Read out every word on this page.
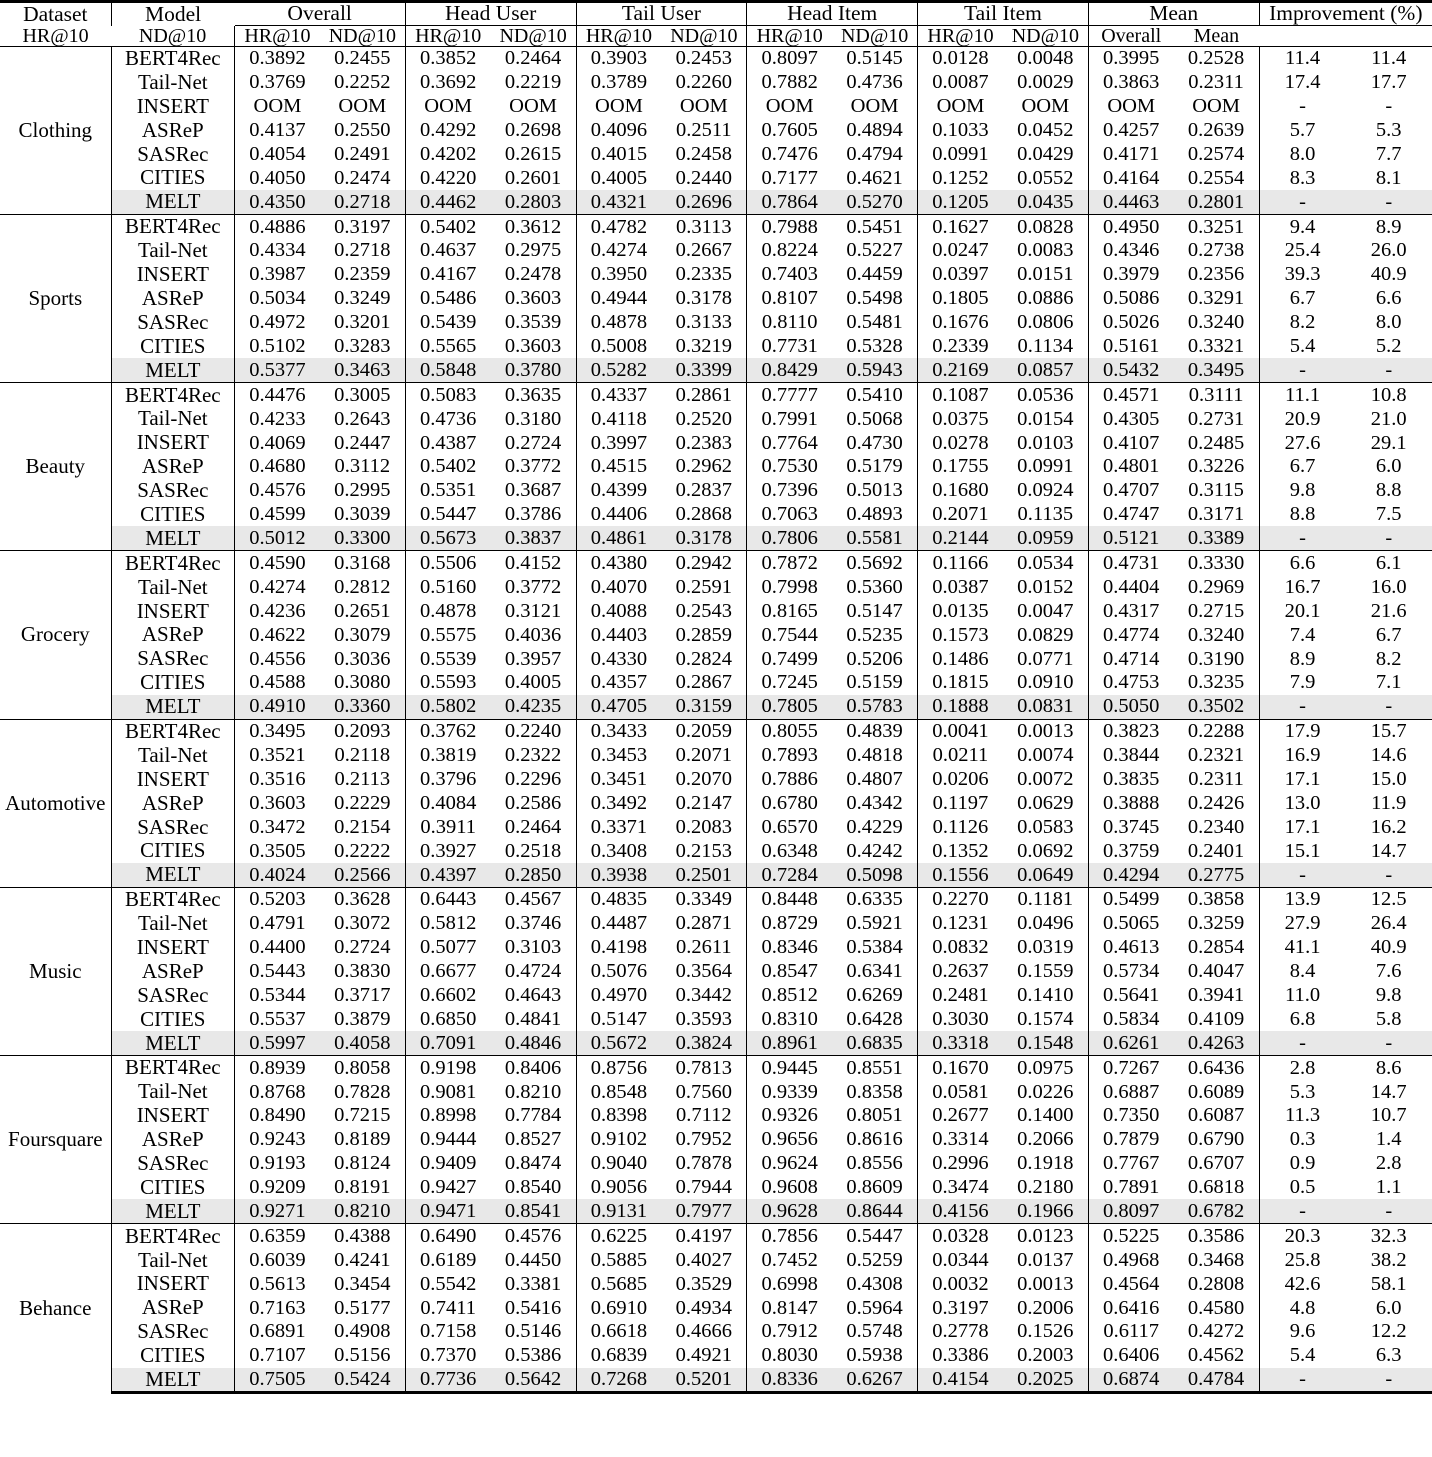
Dataset	Model	Overall		Head User		Tail User		Head Item		Tail Item		Mean		Improvement (%)	

HR@10	ND@10	HR@10	ND@10	HR@10	ND@10	HR@10	ND@10	HR@10	ND@10	HR@10	ND@10	Overall	Mean		
Clothing	BERT4Rec	0.3892	0.2455	0.3852	0.2464	0.3903	0.2453	0.8097	0.5145	0.0128	0.0048	0.3995	0.2528	11.4	11.4
	Tail-Net	0.3769	0.2252	0.3692	0.2219	0.3789	0.2260	0.7882	0.4736	0.0087	0.0029	0.3863	0.2311	17.4	17.7
	INSERT	OOM	OOM	OOM	OOM	OOM	OOM	OOM	OOM	OOM	OOM	OOM	OOM	-	-
	ASReP	0.4137	0.2550	0.4292	0.2698	0.4096	0.2511	0.7605	0.4894	0.1033	0.0452	0.4257	0.2639	5.7	5.3
	SASRec	0.4054	0.2491	0.4202	0.2615	0.4015	0.2458	0.7476	0.4794	0.0991	0.0429	0.4171	0.2574	8.0	7.7
	CITIES	0.4050	0.2474	0.4220	0.2601	0.4005	0.2440	0.7177	0.4621	0.1252	0.0552	0.4164	0.2554	8.3	8.1
	MELT	0.4350	0.2718	0.4462	0.2803	0.4321	0.2696	0.7864	0.5270	0.1205	0.0435	0.4463	0.2801	-	-
Sports	BERT4Rec	0.4886	0.3197	0.5402	0.3612	0.4782	0.3113	0.7988	0.5451	0.1627	0.0828	0.4950	0.3251	9.4	8.9
	Tail-Net	0.4334	0.2718	0.4637	0.2975	0.4274	0.2667	0.8224	0.5227	0.0247	0.0083	0.4346	0.2738	25.4	26.0
	INSERT	0.3987	0.2359	0.4167	0.2478	0.3950	0.2335	0.7403	0.4459	0.0397	0.0151	0.3979	0.2356	39.3	40.9
	ASReP	0.5034	0.3249	0.5486	0.3603	0.4944	0.3178	0.8107	0.5498	0.1805	0.0886	0.5086	0.3291	6.7	6.6
	SASRec	0.4972	0.3201	0.5439	0.3539	0.4878	0.3133	0.8110	0.5481	0.1676	0.0806	0.5026	0.3240	8.2	8.0
	CITIES	0.5102	0.3283	0.5565	0.3603	0.5008	0.3219	0.7731	0.5328	0.2339	0.1134	0.5161	0.3321	5.4	5.2
	MELT	0.5377	0.3463	0.5848	0.3780	0.5282	0.3399	0.8429	0.5943	0.2169	0.0857	0.5432	0.3495	-	-
Beauty	BERT4Rec	0.4476	0.3005	0.5083	0.3635	0.4337	0.2861	0.7777	0.5410	0.1087	0.0536	0.4571	0.3111	11.1	10.8
	Tail-Net	0.4233	0.2643	0.4736	0.3180	0.4118	0.2520	0.7991	0.5068	0.0375	0.0154	0.4305	0.2731	20.9	21.0
	INSERT	0.4069	0.2447	0.4387	0.2724	0.3997	0.2383	0.7764	0.4730	0.0278	0.0103	0.4107	0.2485	27.6	29.1
	ASReP	0.4680	0.3112	0.5402	0.3772	0.4515	0.2962	0.7530	0.5179	0.1755	0.0991	0.4801	0.3226	6.7	6.0
	SASRec	0.4576	0.2995	0.5351	0.3687	0.4399	0.2837	0.7396	0.5013	0.1680	0.0924	0.4707	0.3115	9.8	8.8
	CITIES	0.4599	0.3039	0.5447	0.3786	0.4406	0.2868	0.7063	0.4893	0.2071	0.1135	0.4747	0.3171	8.8	7.5
	MELT	0.5012	0.3300	0.5673	0.3837	0.4861	0.3178	0.7806	0.5581	0.2144	0.0959	0.5121	0.3389	-	-
Grocery	BERT4Rec	0.4590	0.3168	0.5506	0.4152	0.4380	0.2942	0.7872	0.5692	0.1166	0.0534	0.4731	0.3330	6.6	6.1
	Tail-Net	0.4274	0.2812	0.5160	0.3772	0.4070	0.2591	0.7998	0.5360	0.0387	0.0152	0.4404	0.2969	16.7	16.0
	INSERT	0.4236	0.2651	0.4878	0.3121	0.4088	0.2543	0.8165	0.5147	0.0135	0.0047	0.4317	0.2715	20.1	21.6
	ASReP	0.4622	0.3079	0.5575	0.4036	0.4403	0.2859	0.7544	0.5235	0.1573	0.0829	0.4774	0.3240	7.4	6.7
	SASRec	0.4556	0.3036	0.5539	0.3957	0.4330	0.2824	0.7499	0.5206	0.1486	0.0771	0.4714	0.3190	8.9	8.2
	CITIES	0.4588	0.3080	0.5593	0.4005	0.4357	0.2867	0.7245	0.5159	0.1815	0.0910	0.4753	0.3235	7.9	7.1
	MELT	0.4910	0.3360	0.5802	0.4235	0.4705	0.3159	0.7805	0.5783	0.1888	0.0831	0.5050	0.3502	-	-
Automotive	BERT4Rec	0.3495	0.2093	0.3762	0.2240	0.3433	0.2059	0.8055	0.4839	0.0041	0.0013	0.3823	0.2288	17.9	15.7
	Tail-Net	0.3521	0.2118	0.3819	0.2322	0.3453	0.2071	0.7893	0.4818	0.0211	0.0074	0.3844	0.2321	16.9	14.6
	INSERT	0.3516	0.2113	0.3796	0.2296	0.3451	0.2070	0.7886	0.4807	0.0206	0.0072	0.3835	0.2311	17.1	15.0
	ASReP	0.3603	0.2229	0.4084	0.2586	0.3492	0.2147	0.6780	0.4342	0.1197	0.0629	0.3888	0.2426	13.0	11.9
	SASRec	0.3472	0.2154	0.3911	0.2464	0.3371	0.2083	0.6570	0.4229	0.1126	0.0583	0.3745	0.2340	17.1	16.2
	CITIES	0.3505	0.2222	0.3927	0.2518	0.3408	0.2153	0.6348	0.4242	0.1352	0.0692	0.3759	0.2401	15.1	14.7
	MELT	0.4024	0.2566	0.4397	0.2850	0.3938	0.2501	0.7284	0.5098	0.1556	0.0649	0.4294	0.2775	-	-
Music	BERT4Rec	0.5203	0.3628	0.6443	0.4567	0.4835	0.3349	0.8448	0.6335	0.2270	0.1181	0.5499	0.3858	13.9	12.5
	Tail-Net	0.4791	0.3072	0.5812	0.3746	0.4487	0.2871	0.8729	0.5921	0.1231	0.0496	0.5065	0.3259	27.9	26.4
	INSERT	0.4400	0.2724	0.5077	0.3103	0.4198	0.2611	0.8346	0.5384	0.0832	0.0319	0.4613	0.2854	41.1	40.9
	ASReP	0.5443	0.3830	0.6677	0.4724	0.5076	0.3564	0.8547	0.6341	0.2637	0.1559	0.5734	0.4047	8.4	7.6
	SASRec	0.5344	0.3717	0.6602	0.4643	0.4970	0.3442	0.8512	0.6269	0.2481	0.1410	0.5641	0.3941	11.0	9.8
	CITIES	0.5537	0.3879	0.6850	0.4841	0.5147	0.3593	0.8310	0.6428	0.3030	0.1574	0.5834	0.4109	6.8	5.8
	MELT	0.5997	0.4058	0.7091	0.4846	0.5672	0.3824	0.8961	0.6835	0.3318	0.1548	0.6261	0.4263	-	-
Foursquare	BERT4Rec	0.8939	0.8058	0.9198	0.8406	0.8756	0.7813	0.9445	0.8551	0.1670	0.0975	0.7267	0.6436	2.8	8.6
	Tail-Net	0.8768	0.7828	0.9081	0.8210	0.8548	0.7560	0.9339	0.8358	0.0581	0.0226	0.6887	0.6089	5.3	14.7
	INSERT	0.8490	0.7215	0.8998	0.7784	0.8398	0.7112	0.9326	0.8051	0.2677	0.1400	0.7350	0.6087	11.3	10.7
	ASReP	0.9243	0.8189	0.9444	0.8527	0.9102	0.7952	0.9656	0.8616	0.3314	0.2066	0.7879	0.6790	0.3	1.4
	SASRec	0.9193	0.8124	0.9409	0.8474	0.9040	0.7878	0.9624	0.8556	0.2996	0.1918	0.7767	0.6707	0.9	2.8
	CITIES	0.9209	0.8191	0.9427	0.8540	0.9056	0.7944	0.9608	0.8609	0.3474	0.2180	0.7891	0.6818	0.5	1.1
	MELT	0.9271	0.8210	0.9471	0.8541	0.9131	0.7977	0.9628	0.8644	0.4156	0.1966	0.8097	0.6782	-	-
Behance	BERT4Rec	0.6359	0.4388	0.6490	0.4576	0.6225	0.4197	0.7856	0.5447	0.0328	0.0123	0.5225	0.3586	20.3	32.3
	Tail-Net	0.6039	0.4241	0.6189	0.4450	0.5885	0.4027	0.7452	0.5259	0.0344	0.0137	0.4968	0.3468	25.8	38.2
	INSERT	0.5613	0.3454	0.5542	0.3381	0.5685	0.3529	0.6998	0.4308	0.0032	0.0013	0.4564	0.2808	42.6	58.1
	ASReP	0.7163	0.5177	0.7411	0.5416	0.6910	0.4934	0.8147	0.5964	0.3197	0.2006	0.6416	0.4580	4.8	6.0
	SASRec	0.6891	0.4908	0.7158	0.5146	0.6618	0.4666	0.7912	0.5748	0.2778	0.1526	0.6117	0.4272	9.6	12.2
	CITIES	0.7107	0.5156	0.7370	0.5386	0.6839	0.4921	0.8030	0.5938	0.3386	0.2003	0.6406	0.4562	5.4	6.3
	MELT	0.7505	0.5424	0.7736	0.5642	0.7268	0.5201	0.8336	0.6267	0.4154	0.2025	0.6874	0.4784	-	-
